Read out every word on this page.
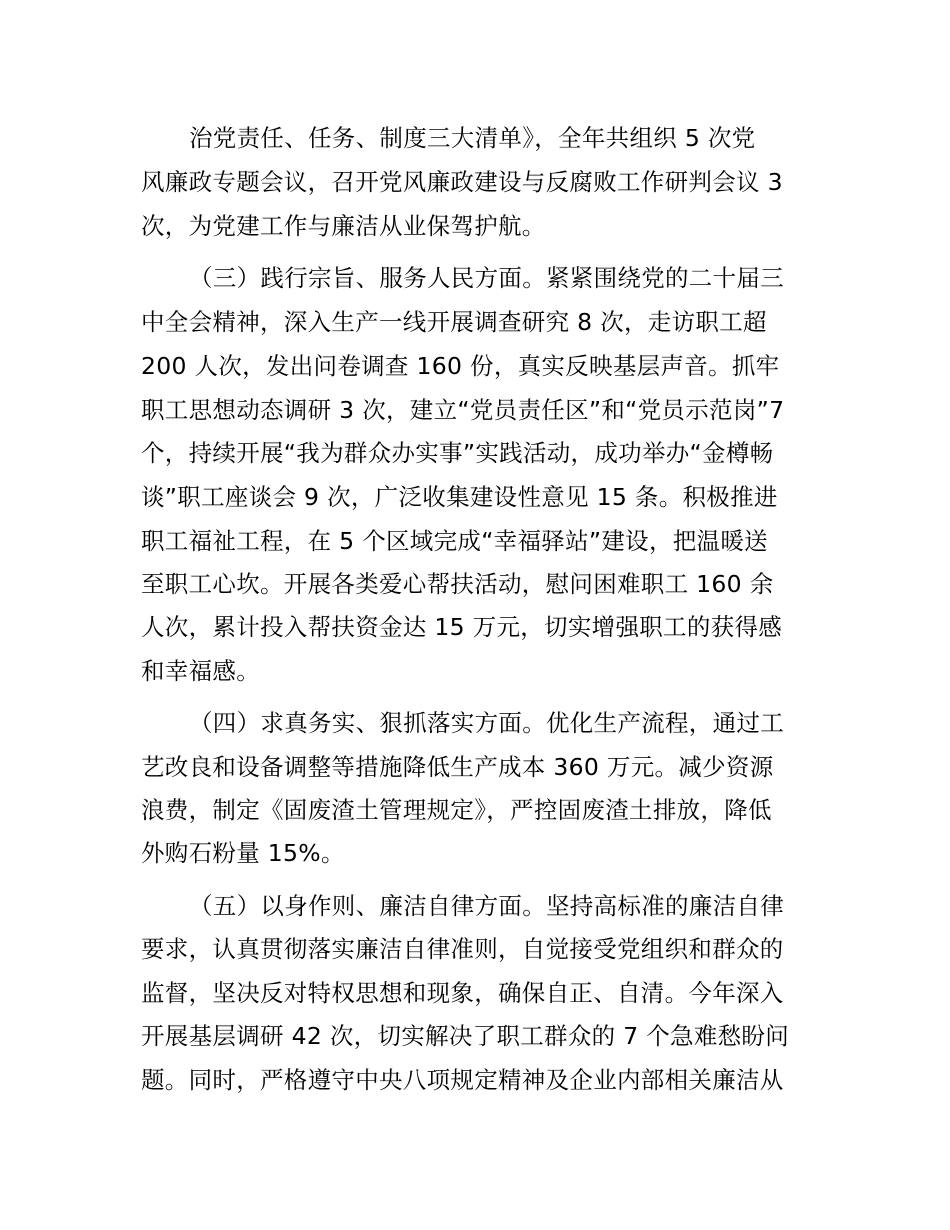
治党责任、任务、制度三大清单》，全年共组织 5 次党
风廉政专题会议，召开党风廉政建设与反腐败工作研判会议 3
次，为党建工作与廉洁从业保驾护航。
（三）践行宗旨、服务人民方面。紧紧围绕党的二十届三
中全会精神，深入生产一线开展调查研究 8 次，走访职工超
200 人次，发出问卷调查 160 份，真实反映基层声音。抓牢
职工思想动态调研 3 次，建立“党员责任区”和“党员示范岗”7
个，持续开展“我为群众办实事”实践活动，成功举办“金樽畅
谈”职工座谈会 9 次，广泛收集建设性意见 15 条。积极推进
职工福祉工程，在 5 个区域完成“幸福驿站”建设，把温暖送
至职工心坎。开展各类爱心帮扶活动，慰问困难职工 160 余
人次，累计投入帮扶资金达 15 万元，切实增强职工的获得感
和幸福感。
（四）求真务实、狠抓落实方面。优化生产流程，通过工
艺改良和设备调整等措施降低生产成本 360 万元。减少资源
浪费，制定《固废渣土管理规定》，严控固废渣土排放，降低
外购石粉量 15%。
（五）以身作则、廉洁自律方面。坚持高标准的廉洁自律
要求，认真贯彻落实廉洁自律准则，自觉接受党组织和群众的
监督，坚决反对特权思想和现象，确保自正、自清。今年深入
开展基层调研 42 次，切实解决了职工群众的 7 个急难愁盼问
题。同时，严格遵守中央八项规定精神及企业内部相关廉洁从
